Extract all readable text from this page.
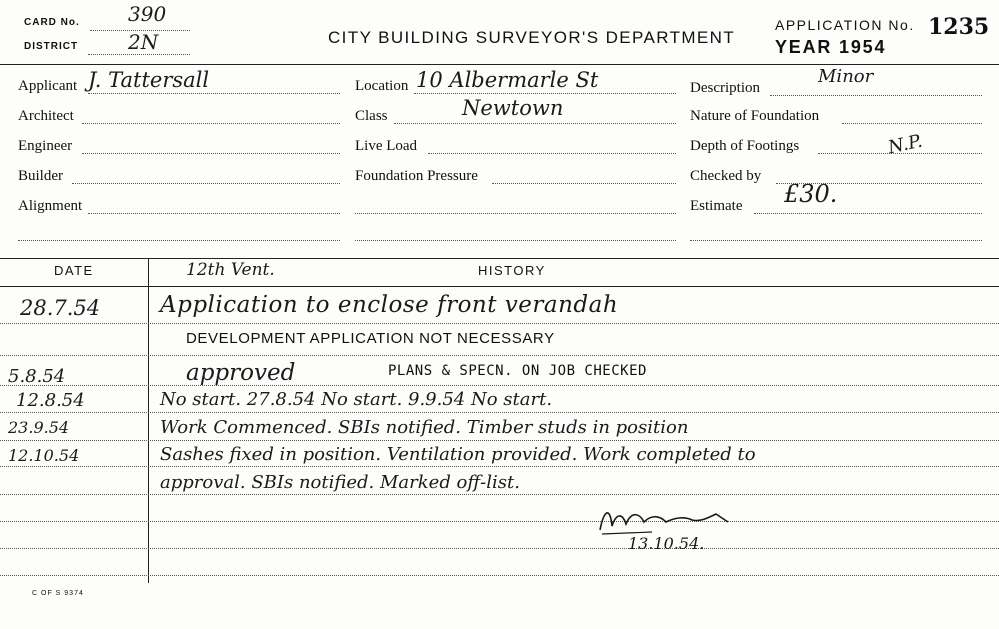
CARD No. 390
DISTRICT 2N	CITY BUILDING SURVEYOR'S DEPARTMENT
APPLICATION No. 1235
YEAR 1954
Applicant J. Tattersall
Architect
Engineer
Builder
Alignment
Location 10 Albermarle St
Class	Newtown
Live Load
Foundation Pressure
Description
Minor
Nature of Foundation
Depth of Footings	N.P.
Checked by
Estimate £30.
DATE	HISTORY
12th Vent.
28.7.54	Application to enclose front verandah
DEVELOPMENT APPLICATION NOT NECESSARY
5.8.54	approved	PLANS & SPECN. ON JOB CHECKED
12.8.54	No start. 27.8.54 No start. 9.9.54 No start.
23.9.54	Work Commenced. SBIs notified. Timber studs in position
12.10.54	Sashes fixed in position. Ventilation provided. Work completed to
approval. SBIs notified. Marked off-list.
13.10.54.
C OF S 9374
